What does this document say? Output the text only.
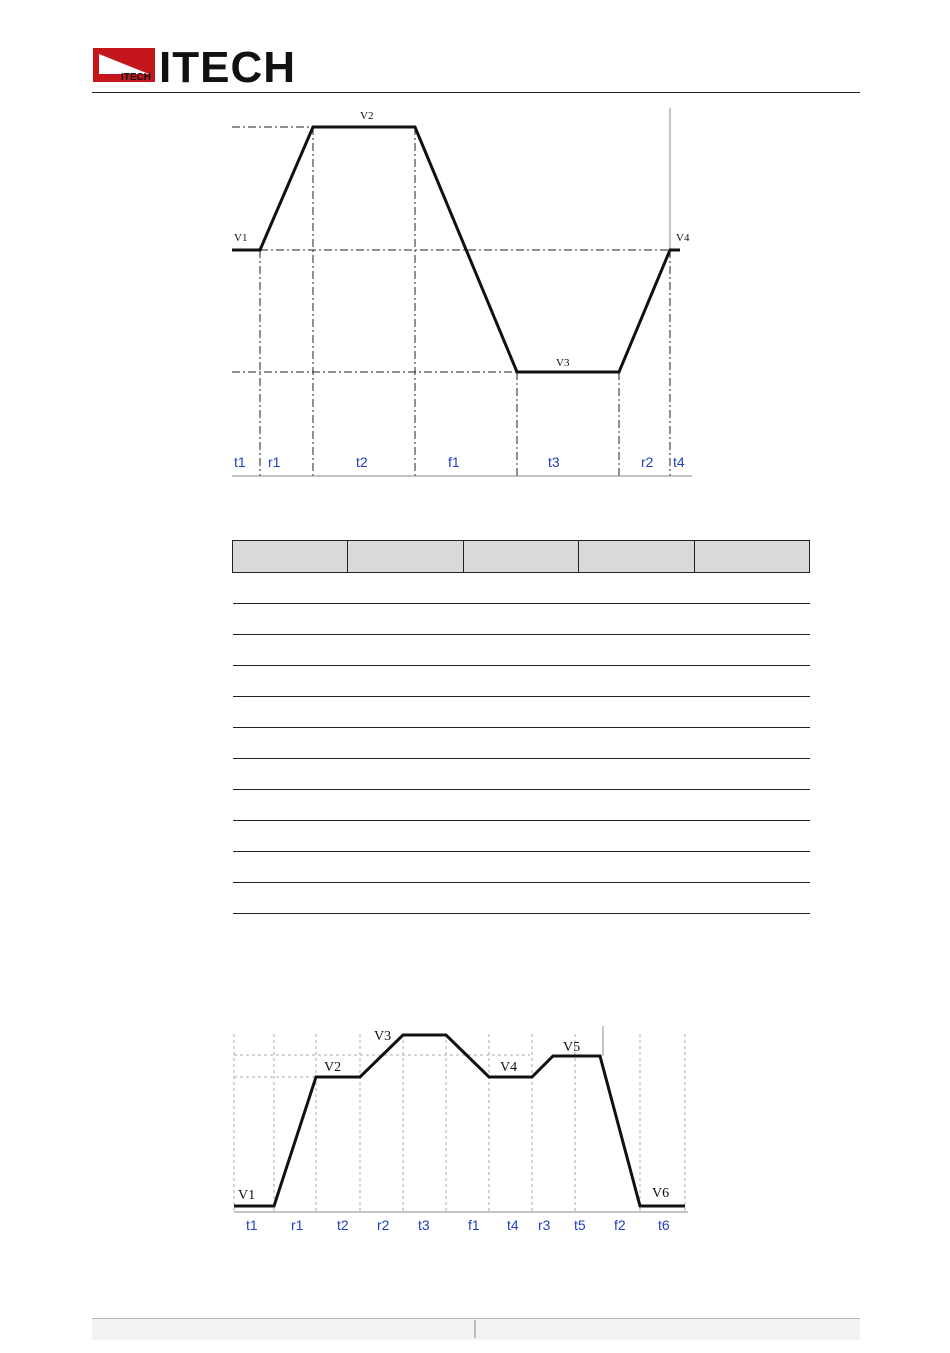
ITECH ITECH
V1
V2
V3
V4
t1 r1	t2	f1	t3	r2 t4

V1
V2
V3
V4
V5
V6
t1 r1 t2 r2 t3	f1 t4 r3 t5 f2 t6
